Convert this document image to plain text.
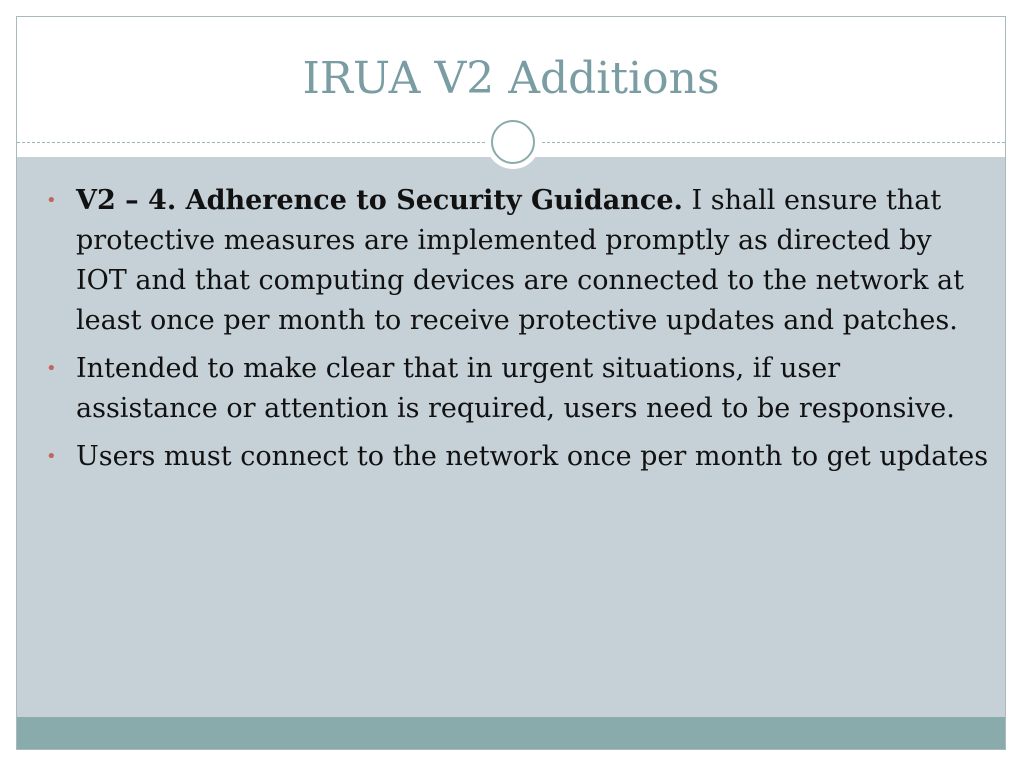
IRUA V2 Additions
• V2 – 4. Adherence to Security Guidance. I shall ensure that protective measures are implemented promptly as directed by IOT and that computing devices are connected to the network at least once per month to receive protective updates and patches.
• Intended to make clear that in urgent situations, if user assistance or attention is required, users need to be responsive.
• Users must connect to the network once per month to get updates
